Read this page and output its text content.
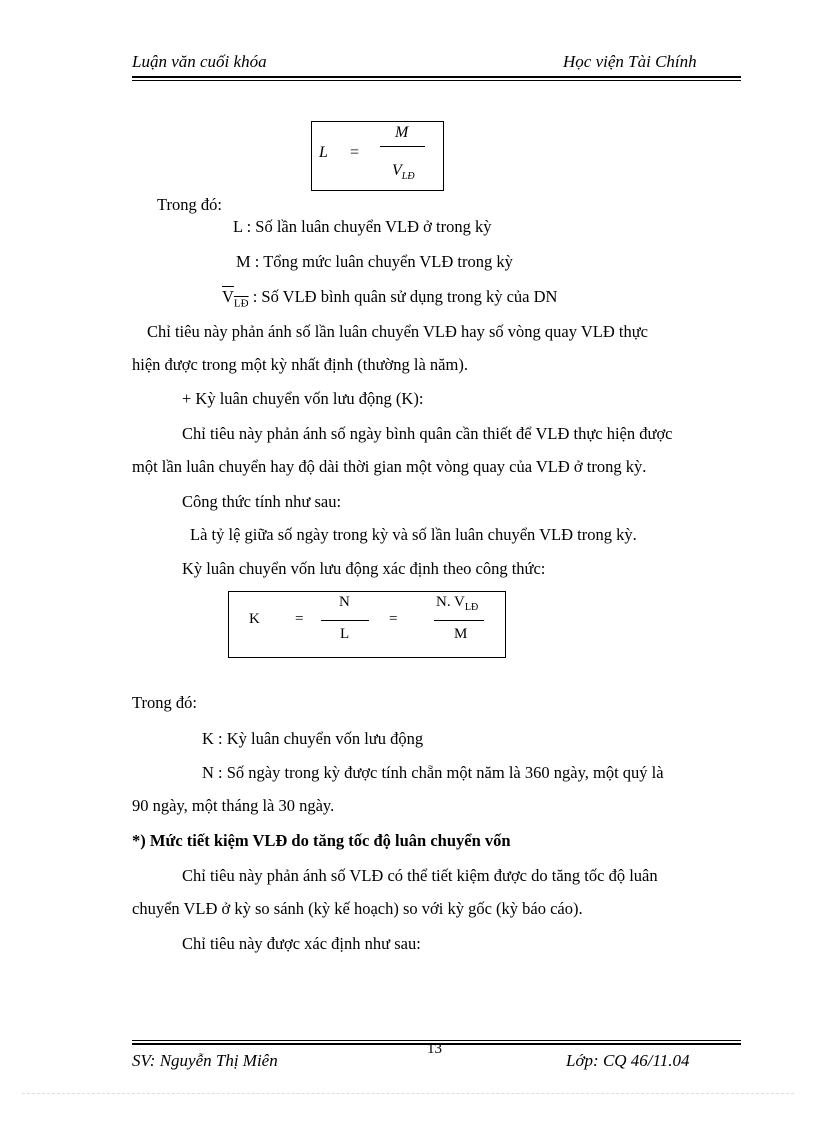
Luận văn cuối khóa	Học viện Tài Chính
L =
M
$V_{LĐ}$
Trong đó:
L : Số lần luân chuyển VLĐ ở trong kỳ
M : Tổng mức luân chuyển VLĐ trong kỳ
$V_{LĐ}$ : Số VLĐ bình quân sử dụng trong kỳ của DN
Chỉ tiêu này phản ánh số lần luân chuyển VLĐ hay số vòng quay VLĐ thực
hiện được trong một kỳ nhất định (thường là năm).
+ Kỳ luân chuyển vốn lưu động (K):
Chỉ tiêu này phản ánh số ngày bình quân cần thiết để VLĐ thực hiện được
một lần luân chuyển hay độ dài thời gian một vòng quay của VLĐ ở trong kỳ.
Công thức tính như sau:
Là tỷ lệ giữa số ngày trong kỳ và số lần luân chuyển VLĐ trong kỳ.
Kỳ luân chuyển vốn lưu động xác định theo công thức:
K =
N
L
=
N. $V_{LĐ}$
M
Trong đó:
K : Kỳ luân chuyển vốn lưu động
N : Số ngày trong kỳ được tính chẵn một năm là 360 ngày, một quý là
90 ngày, một tháng là 30 ngày.
*) Mức tiết kiệm VLĐ do tăng tốc độ luân chuyển vốn
Chỉ tiêu này phản ánh số VLĐ có thể tiết kiệm được do tăng tốc độ luân
chuyển VLĐ ở kỳ so sánh (kỳ kế hoạch) so với kỳ gốc (kỳ báo cáo).
Chỉ tiêu này được xác định như sau:
13
SV: Nguyễn Thị Miên	Lớp: CQ 46/11.04
